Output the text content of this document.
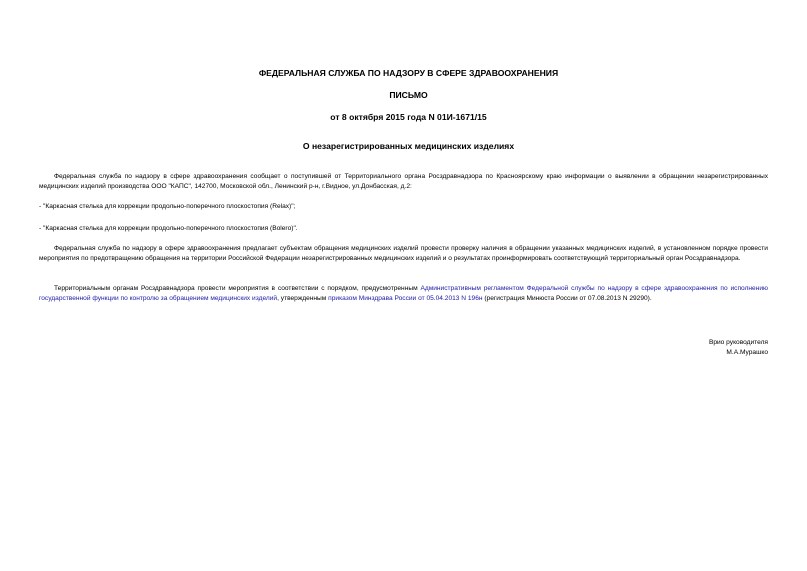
ФЕДЕРАЛЬНАЯ СЛУЖБА ПО НАДЗОРУ В СФЕРЕ ЗДРАВООХРАНЕНИЯ
ПИСЬМО
от 8 октября 2015 года N 01И-1671/15
О незарегистрированных медицинских изделиях
Федеральная служба по надзору в сфере здравоохранения сообщает о поступившей от Территориального органа Росздравнадзора по Красноярскому краю информации о выявлении в обращении незарегистрированных медицинских изделий производства ООО "КАПС", 142700, Московской обл., Ленинский р-н, г.Видное, ул.Донбасская, д.2:
- "Каркасная стелька для коррекции продольно-поперечного плоскостопия (Relax)";
- "Каркасная стелька для коррекции продольно-поперечного плоскостопия (Bolero)".
Федеральная служба по надзору в сфере здравоохранения предлагает субъектам обращения медицинских изделий провести проверку наличия в обращении указанных медицинских изделий, в установленном порядке провести мероприятия по предотвращению обращения на территории Российской Федерации незарегистрированных медицинских изделий и о результатах проинформировать соответствующий территориальный орган Росздравнадзора.
Территориальным органам Росздравнадзора провести мероприятия в соответствии с порядком, предусмотренным Административным регламентом Федеральной службы по надзору в сфере здравоохранения по исполнению государственной функции по контролю за обращением медицинских изделий, утвержденным приказом Минздрава России от 05.04.2013 N 196н (регистрация Минюста России от 07.08.2013 N 29290).
Врио руководителя
М.А.Мурашко
